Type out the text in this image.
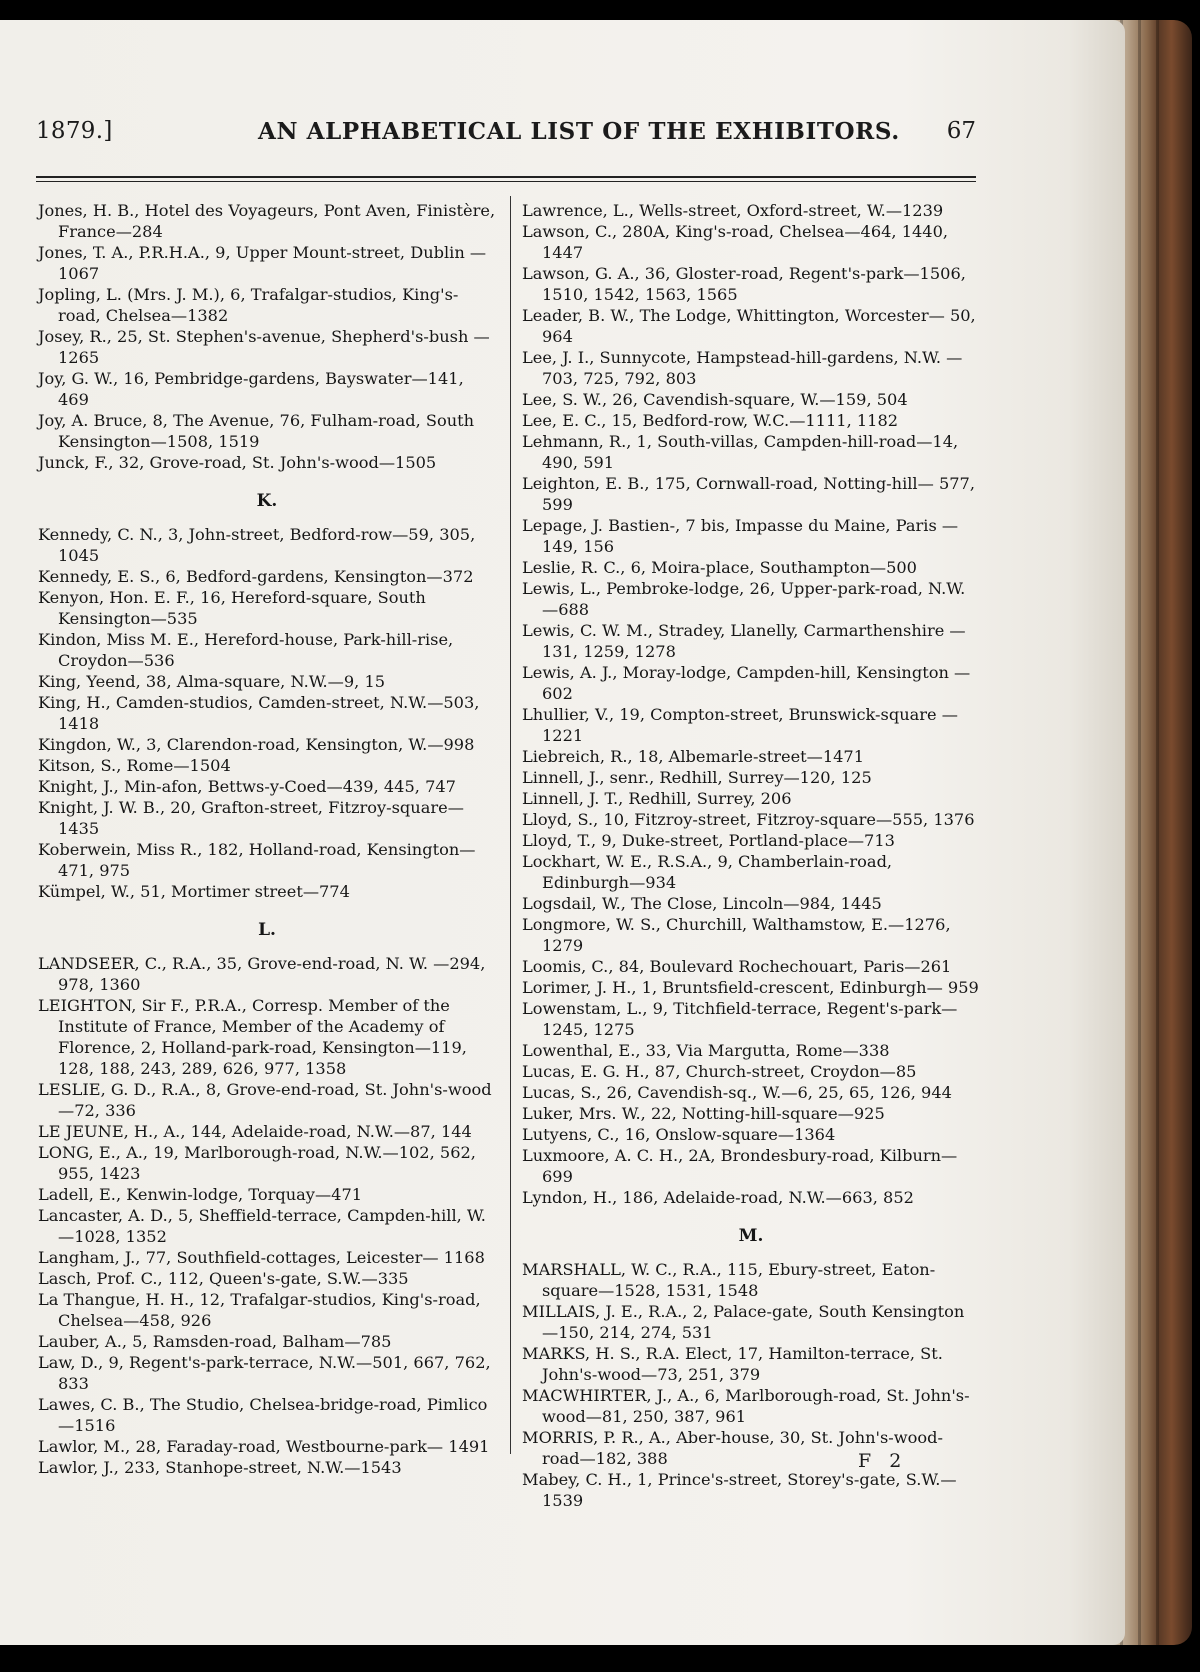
1879.]	AN ALPHABETICAL LIST OF THE EXHIBITORS. 67

Jones, H. B., Hotel des Voyageurs, Pont Aven, Finistère, France—284

Jones, T. A., P.R.H.A., 9, Upper Mount-street, Dublin —1067

Jopling, L. (Mrs. J. M.), 6, Trafalgar-studios, King's-road, Chelsea—1382

Josey, R., 25, St. Stephen's-avenue, Shepherd's-bush —1265

Joy, G. W., 16, Pembridge-gardens, Bayswater—141, 469

Joy, A. Bruce, 8, The Avenue, 76, Fulham-road, South Kensington—1508, 1519

Junck, F., 32, Grove-road, St. John's-wood—1505

K.

Kennedy, C. N., 3, John-street, Bedford-row—59, 305, 1045

Kennedy, E. S., 6, Bedford-gardens, Kensington—372

Kenyon, Hon. E. F., 16, Hereford-square, South Kensington—535

Kindon, Miss M. E., Hereford-house, Park-hill-rise, Croydon—536

King, Yeend, 38, Alma-square, N.W.—9, 15

King, H., Camden-studios, Camden-street, N.W.—503, 1418

Kingdon, W., 3, Clarendon-road, Kensington, W.—998

Kitson, S., Rome—1504

Knight, J., Min-afon, Bettws-y-Coed—439, 445, 747

Knight, J. W. B., 20, Grafton-street, Fitzroy-square— 1435

Koberwein, Miss R., 182, Holland-road, Kensington— 471, 975

Kümpel, W., 51, Mortimer street—774

L.

LANDSEER, C., R.A., 35, Grove-end-road, N. W. —294, 978, 1360

LEIGHTON, Sir F., P.R.A., Corresp. Member of the Institute of France, Member of the Academy of Florence, 2, Holland-park-road, Kensington—119, 128, 188, 243, 289, 626, 977, 1358

LESLIE, G. D., R.A., 8, Grove-end-road, St. John's-wood—72, 336

LE JEUNE, H., A., 144, Adelaide-road, N.W.—87, 144

LONG, E., A., 19, Marlborough-road, N.W.—102, 562, 955, 1423

Ladell, E., Kenwin-lodge, Torquay—471

Lancaster, A. D., 5, Sheffield-terrace, Campden-hill, W.—1028, 1352

Langham, J., 77, Southfield-cottages, Leicester— 1168

Lasch, Prof. C., 112, Queen's-gate, S.W.—335

La Thangue, H. H., 12, Trafalgar-studios, King's-road, Chelsea—458, 926

Lauber, A., 5, Ramsden-road, Balham—785

Law, D., 9, Regent's-park-terrace, N.W.—501, 667, 762, 833

Lawes, C. B., The Studio, Chelsea-bridge-road, Pimlico—1516

Lawlor, M., 28, Faraday-road, Westbourne-park— 1491

Lawlor, J., 233, Stanhope-street, N.W.—1543

Lawrence, L., Wells-street, Oxford-street, W.—1239

Lawson, C., 280A, King's-road, Chelsea—464, 1440, 1447

Lawson, G. A., 36, Gloster-road, Regent's-park—1506, 1510, 1542, 1563, 1565

Leader, B. W., The Lodge, Whittington, Worcester— 50, 964

Lee, J. I., Sunnycote, Hampstead-hill-gardens, N.W. —703, 725, 792, 803

Lee, S. W., 26, Cavendish-square, W.—159, 504

Lee, E. C., 15, Bedford-row, W.C.—1111, 1182

Lehmann, R., 1, South-villas, Campden-hill-road—14, 490, 591

Leighton, E. B., 175, Cornwall-road, Notting-hill— 577, 599

Lepage, J. Bastien-, 7 bis, Impasse du Maine, Paris —149, 156

Leslie, R. C., 6, Moira-place, Southampton—500

Lewis, L., Pembroke-lodge, 26, Upper-park-road, N.W.—688

Lewis, C. W. M., Stradey, Llanelly, Carmarthenshire —131, 1259, 1278

Lewis, A. J., Moray-lodge, Campden-hill, Kensington —602

Lhullier, V., 19, Compton-street, Brunswick-square —1221

Liebreich, R., 18, Albemarle-street—1471

Linnell, J., senr., Redhill, Surrey—120, 125

Linnell, J. T., Redhill, Surrey, 206

Lloyd, S., 10, Fitzroy-street, Fitzroy-square—555, 1376

Lloyd, T., 9, Duke-street, Portland-place—713

Lockhart, W. E., R.S.A., 9, Chamberlain-road, Edinburgh—934

Logsdail, W., The Close, Lincoln—984, 1445

Longmore, W. S., Churchill, Walthamstow, E.—1276, 1279

Loomis, C., 84, Boulevard Rochechouart, Paris—261

Lorimer, J. H., 1, Bruntsfield-crescent, Edinburgh— 959

Lowenstam, L., 9, Titchfield-terrace, Regent's-park— 1245, 1275

Lowenthal, E., 33, Via Margutta, Rome—338

Lucas, E. G. H., 87, Church-street, Croydon—85

Lucas, S., 26, Cavendish-sq., W.—6, 25, 65, 126, 944

Luker, Mrs. W., 22, Notting-hill-square—925

Lutyens, C., 16, Onslow-square—1364

Luxmoore, A. C. H., 2A, Brondesbury-road, Kilburn— 699

Lyndon, H., 186, Adelaide-road, N.W.—663, 852

M.

MARSHALL, W. C., R.A., 115, Ebury-street, Eaton-square—1528, 1531, 1548

MILLAIS, J. E., R.A., 2, Palace-gate, South Kensington—150, 214, 274, 531

MARKS, H. S., R.A. Elect, 17, Hamilton-terrace, St. John's-wood—73, 251, 379

MACWHIRTER, J., A., 6, Marlborough-road, St. John's-wood—81, 250, 387, 961

MORRIS, P. R., A., Aber-house, 30, St. John's-wood-road—182, 388

Mabey, C. H., 1, Prince's-street, Storey's-gate, S.W.— 1539

F 2
